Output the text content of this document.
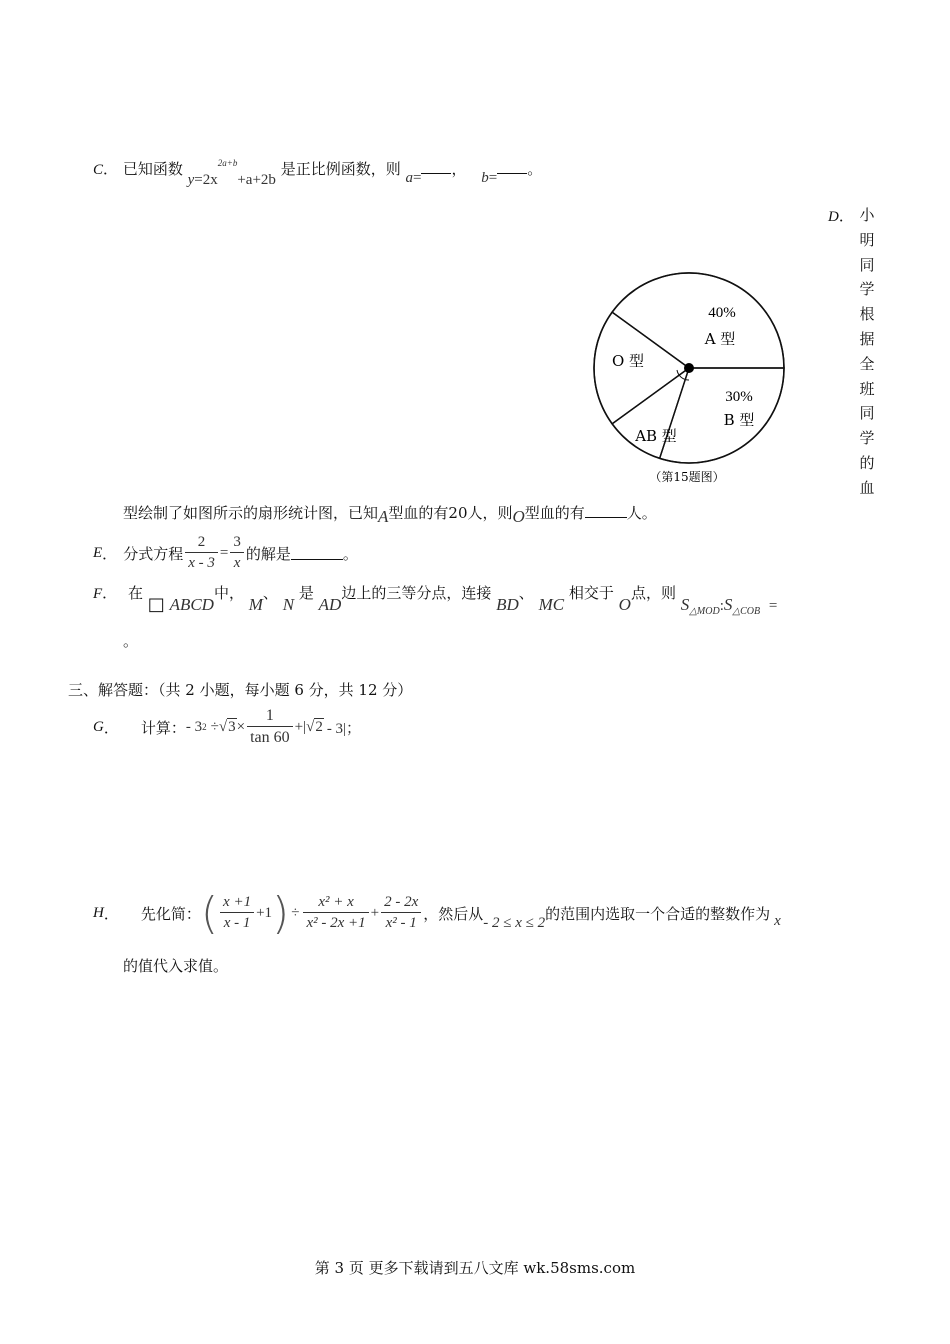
C． 已知函数 $y=2x^{2a+b}+a+2b$ 是正比例函数，则 a= ， b= 。
D． 小
明
同
学
根
据
全
班
同
学
的
血
40%
A 型
30%
B 型
O 型
AB 型
（第15题图）
型绘制了如图所示的扇形统计图，已知A型血的有20人，则O型血的有	人。
E ． 分式方程 $\frac{2}{x - 3} = \frac{3}{x}$ 的解是	。
F． 在 □ ABCD中， M、 N 是 AD边上的三等分点，连接 BD、 MC 相交于 O点，则 $S_{\triangle MOD}:S_{\triangle COB}$ =
。
三、解答题：（共 2 小题，每小题 6 分，共 12 分）
G ． 计算： - 3 2 ÷ √ $3 \times \frac{1}{\tan 60}$ +| √ 2 - 3|；
H ． 先化简： ( $\frac{x +1}{x - 1} +1$ ) ÷ $\frac{\text{x² + x}}{\text{x² - 2x +1}} + \frac{2 - 2x}{\text{x² - 1}}$ ，然后从 - 2 ≤ x ≤ 2 的范围内选取一个合适的整数作为 x
的值代入求值。
第 3 页 更多下载请到五八文库 wk.58sms.com
